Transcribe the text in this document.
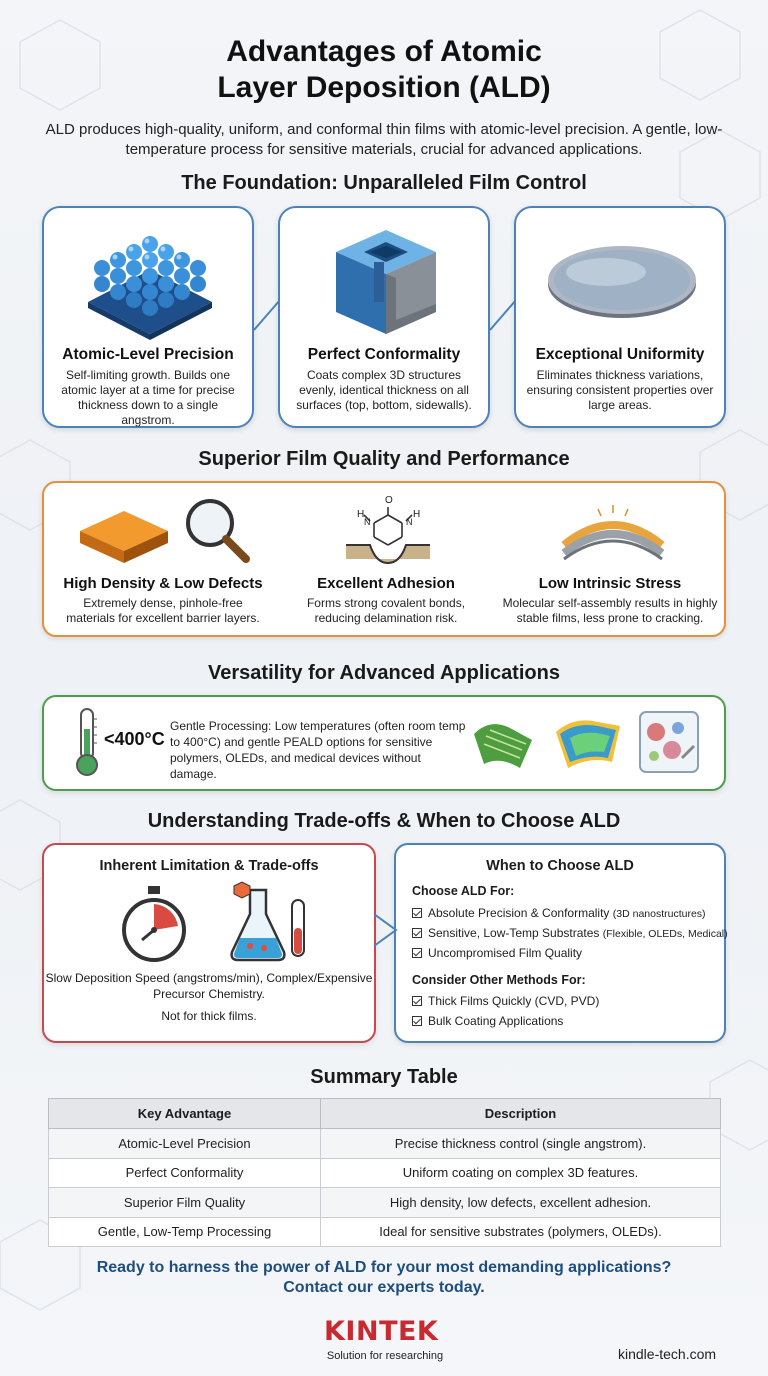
Advantages of Atomic
Layer Deposition (ALD)
ALD produces high-quality, uniform, and conformal thin films with atomic-level precision. A gentle, low-temperature process for sensitive materials, crucial for advanced applications.
The Foundation: Unparalleled Film Control
Atomic-Level Precision
Self-limiting growth. Builds one atomic layer at a time for precise thickness down to a single angstrom.
Perfect Conformality
Coats complex 3D structures evenly, identical thickness on all surfaces (top, bottom, sidewalls).
Exceptional Uniformity
Eliminates thickness variations, ensuring consistent properties over large areas.
Superior Film Quality and Performance
O
H	H
N	N
High Density & Low Defects
Extremely dense, pinhole-free materials for excellent barrier layers.
Excellent Adhesion
Forms strong covalent bonds, reducing delamination risk.
Low Intrinsic Stress
Molecular self-assembly results in highly stable films, less prone to cracking.
Versatility for Advanced Applications
<400°C
Gentle Processing: Low temperatures (often room temp to 400°C) and gentle PEALD options for sensitive polymers, OLEDs, and medical devices without damage.
Understanding Trade-offs & When to Choose ALD
Inherent Limitation & Trade-offs
Slow Deposition Speed (angstroms/min), Complex/Expensive Precursor Chemistry.
Not for thick films.
When to Choose ALD
Choose ALD For:
Absolute Precision & Conformality (3D nanostructures)
Sensitive, Low-Temp Substrates (Flexible, OLEDs, Medical)
Uncompromised Film Quality
Consider Other Methods For:
Thick Films Quickly (CVD, PVD)
Bulk Coating Applications
Summary Table
Key Advantage	Description
Atomic-Level Precision	Precise thickness control (single angstrom).
Perfect Conformality	Uniform coating on complex 3D features.
Superior Film Quality	High density, low defects, excellent adhesion.
Gentle, Low-Temp Processing	Ideal for sensitive substrates (polymers, OLEDs).
Ready to harness the power of ALD for your most demanding applications?
Contact our experts today.
KINTEK
Solution for researching	kindle-tech.com
